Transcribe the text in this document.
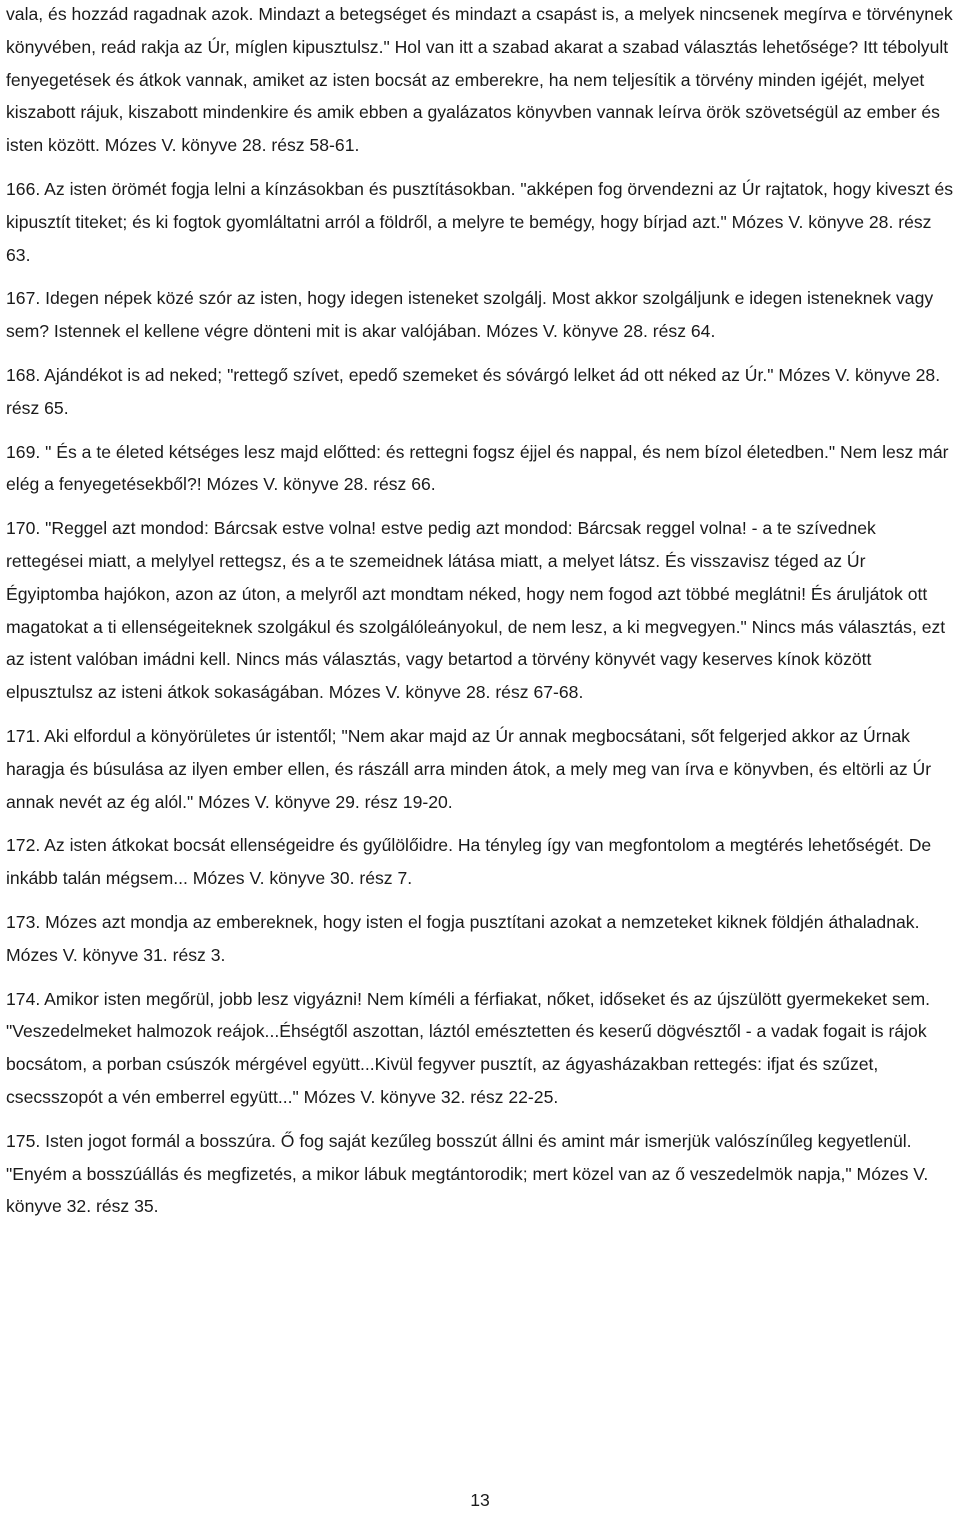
vala, és hozzád ragadnak azok. Mindazt a betegséget és mindazt a csapást is, a melyek nincsenek megírva e törvénynek könyvében, reád rakja az Úr, míglen kipusztulsz." Hol van itt a szabad akarat a szabad választás lehetősége? Itt tébolyult fenyegetések és átkok vannak, amiket az isten bocsát az emberekre, ha nem teljesítik a törvény minden igéjét, melyet kiszabott rájuk, kiszabott mindenkire és amik ebben a gyalázatos könyvben vannak leírva örök szövetségül az ember és isten között. Mózes V. könyve 28. rész 58-61.

166. Az isten örömét fogja lelni a kínzásokban és pusztításokban. "akképen fog örvendezni az Úr rajtatok, hogy kiveszt és kipusztít titeket; és ki fogtok gyomláltatni arról a földről, a melyre te bemégy, hogy bírjad azt." Mózes V. könyve 28. rész 63.

167. Idegen népek közé szór az isten, hogy idegen isteneket szolgálj. Most akkor szolgáljunk e idegen isteneknek vagy sem? Istennek el kellene végre dönteni mit is akar valójában. Mózes V. könyve 28. rész 64.

168. Ajándékot is ad neked; "rettegő szívet, epedő szemeket és sóvárgó lelket ád ott néked az Úr." Mózes V. könyve 28. rész 65.

169. " És a te életed kétséges lesz majd előtted: és rettegni fogsz éjjel és nappal, és nem bízol életedben." Nem lesz már elég a fenyegetésekből?! Mózes V. könyve 28. rész 66.

170. "Reggel azt mondod: Bárcsak estve volna! estve pedig azt mondod: Bárcsak reggel volna! - a te szívednek rettegései miatt, a melylyel rettegsz, és a te szemeidnek látása miatt, a melyet látsz. És visszavisz téged az Úr Égyiptomba hajókon, azon az úton, a melyről azt mondtam néked, hogy nem fogod azt többé meglátni! És áruljátok ott magatokat a ti ellenségeiteknek szolgákul és szolgálóleányokul, de nem lesz, a ki megvegyen." Nincs más választás, ezt az istent valóban imádni kell. Nincs más választás, vagy betartod a törvény könyvét vagy keserves kínok között elpusztulsz az isteni átkok sokaságában. Mózes V. könyve 28. rész 67-68.

171. Aki elfordul a könyörületes úr istentől; "Nem akar majd az Úr annak megbocsátani, sőt felgerjed akkor az Úrnak haragja és búsulása az ilyen ember ellen, és rászáll arra minden átok, a mely meg van írva e könyvben, és eltörli az Úr annak nevét az ég alól." Mózes V. könyve 29. rész 19-20.

172. Az isten átkokat bocsát ellenségeidre és gyűlölőidre. Ha tényleg így van megfontolom a megtérés lehetőségét. De inkább talán mégsem... Mózes V. könyve 30. rész 7.

173. Mózes azt mondja az embereknek, hogy isten el fogja pusztítani azokat a nemzeteket kiknek földjén áthaladnak. Mózes V. könyve 31. rész 3.

174. Amikor isten megőrül, jobb lesz vigyázni! Nem kíméli a férfiakat, nőket, időseket és az újszülött gyermekeket sem. "Veszedelmeket halmozok reájok...Éhségtől aszottan, láztól emésztetten és keserű dögvésztől - a vadak fogait is rájok bocsátom, a porban csúszók mérgével együtt...Kivül fegyver pusztít, az ágyasházakban rettegés: ifjat és szűzet, csecsszopót a vén emberrel együtt..." Mózes V. könyve 32. rész 22-25.

175. Isten jogot formál a bosszúra. Ő fog saját kezűleg bosszút állni és amint már ismerjük valószínűleg kegyetlenül. "Enyém a bosszúállás és megfizetés, a mikor lábuk megtántorodik; mert közel van az ő veszedelmök napja," Mózes V. könyve 32. rész 35.

13
